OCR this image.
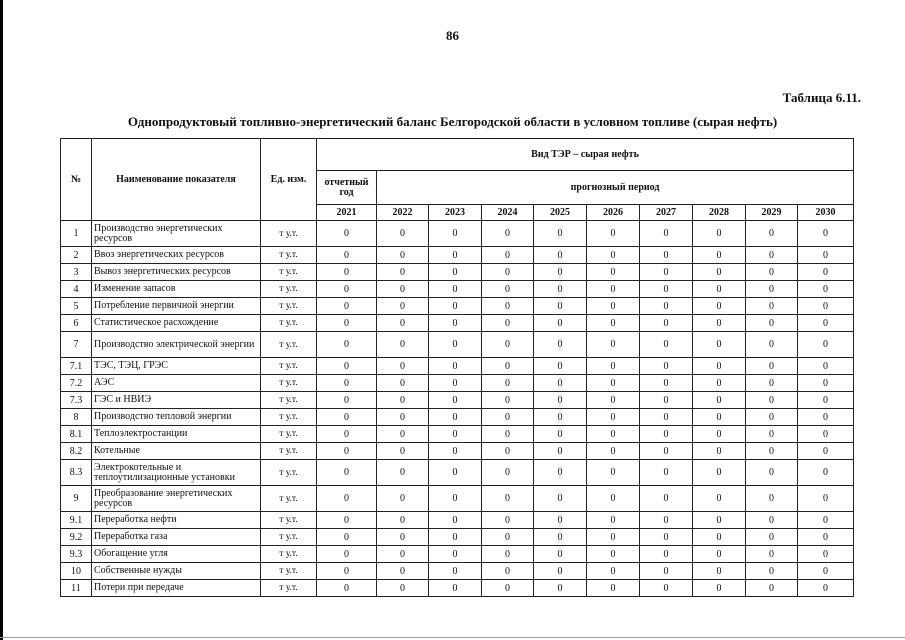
86
Таблица 6.11.
Однопродуктовый топливно-энергетический баланс Белгородской области в условном топливе (сырая нефть)
№	Наименование показателя	Ед. изм.	Вид ТЭР – сырая нефть									
			отчетный год	прогнозный период								
			2021	2022	2023	2024	2025	2026	2027	2028	2029	2030
1	Производство энергетических ресурсов	т у.т.	0	0	0	0	0	0	0	0	0	0
2	Ввоз энергетических ресурсов	т у.т.	0	0	0	0	0	0	0	0	0	0
3	Вывоз энергетических ресурсов	т у.т.	0	0	0	0	0	0	0	0	0	0
4	Изменение запасов	т у.т.	0	0	0	0	0	0	0	0	0	0
5	Потребление первичной энергии	т у.т.	0	0	0	0	0	0	0	0	0	0
6	Статистическое расхождение	т у.т.	0	0	0	0	0	0	0	0	0	0
7	Производство электрической энергии	т у.т.	0	0	0	0	0	0	0	0	0	0
7.1	ТЭС, ТЭЦ, ГРЭС	т у.т.	0	0	0	0	0	0	0	0	0	0
7.2	АЭС	т у.т.	0	0	0	0	0	0	0	0	0	0
7.3	ГЭС и НВИЭ	т у.т.	0	0	0	0	0	0	0	0	0	0
8	Производство тепловой энергии	т у.т.	0	0	0	0	0	0	0	0	0	0
8.1	Теплоэлектростанции	т у.т.	0	0	0	0	0	0	0	0	0	0
8.2	Котельные	т у.т.	0	0	0	0	0	0	0	0	0	0
8.3	Электрокотельные и теплоутилизационные установки	т у.т.	0	0	0	0	0	0	0	0	0	0
9	Преобразование энергетических ресурсов	т у.т.	0	0	0	0	0	0	0	0	0	0
9.1	Переработка нефти	т у.т.	0	0	0	0	0	0	0	0	0	0
9.2	Переработка газа	т у.т.	0	0	0	0	0	0	0	0	0	0
9.3	Обогащение угля	т у.т.	0	0	0	0	0	0	0	0	0	0
10	Собственные нужды	т у.т.	0	0	0	0	0	0	0	0	0	0
11	Потери при передаче	т у.т.	0	0	0	0	0	0	0	0	0	0
